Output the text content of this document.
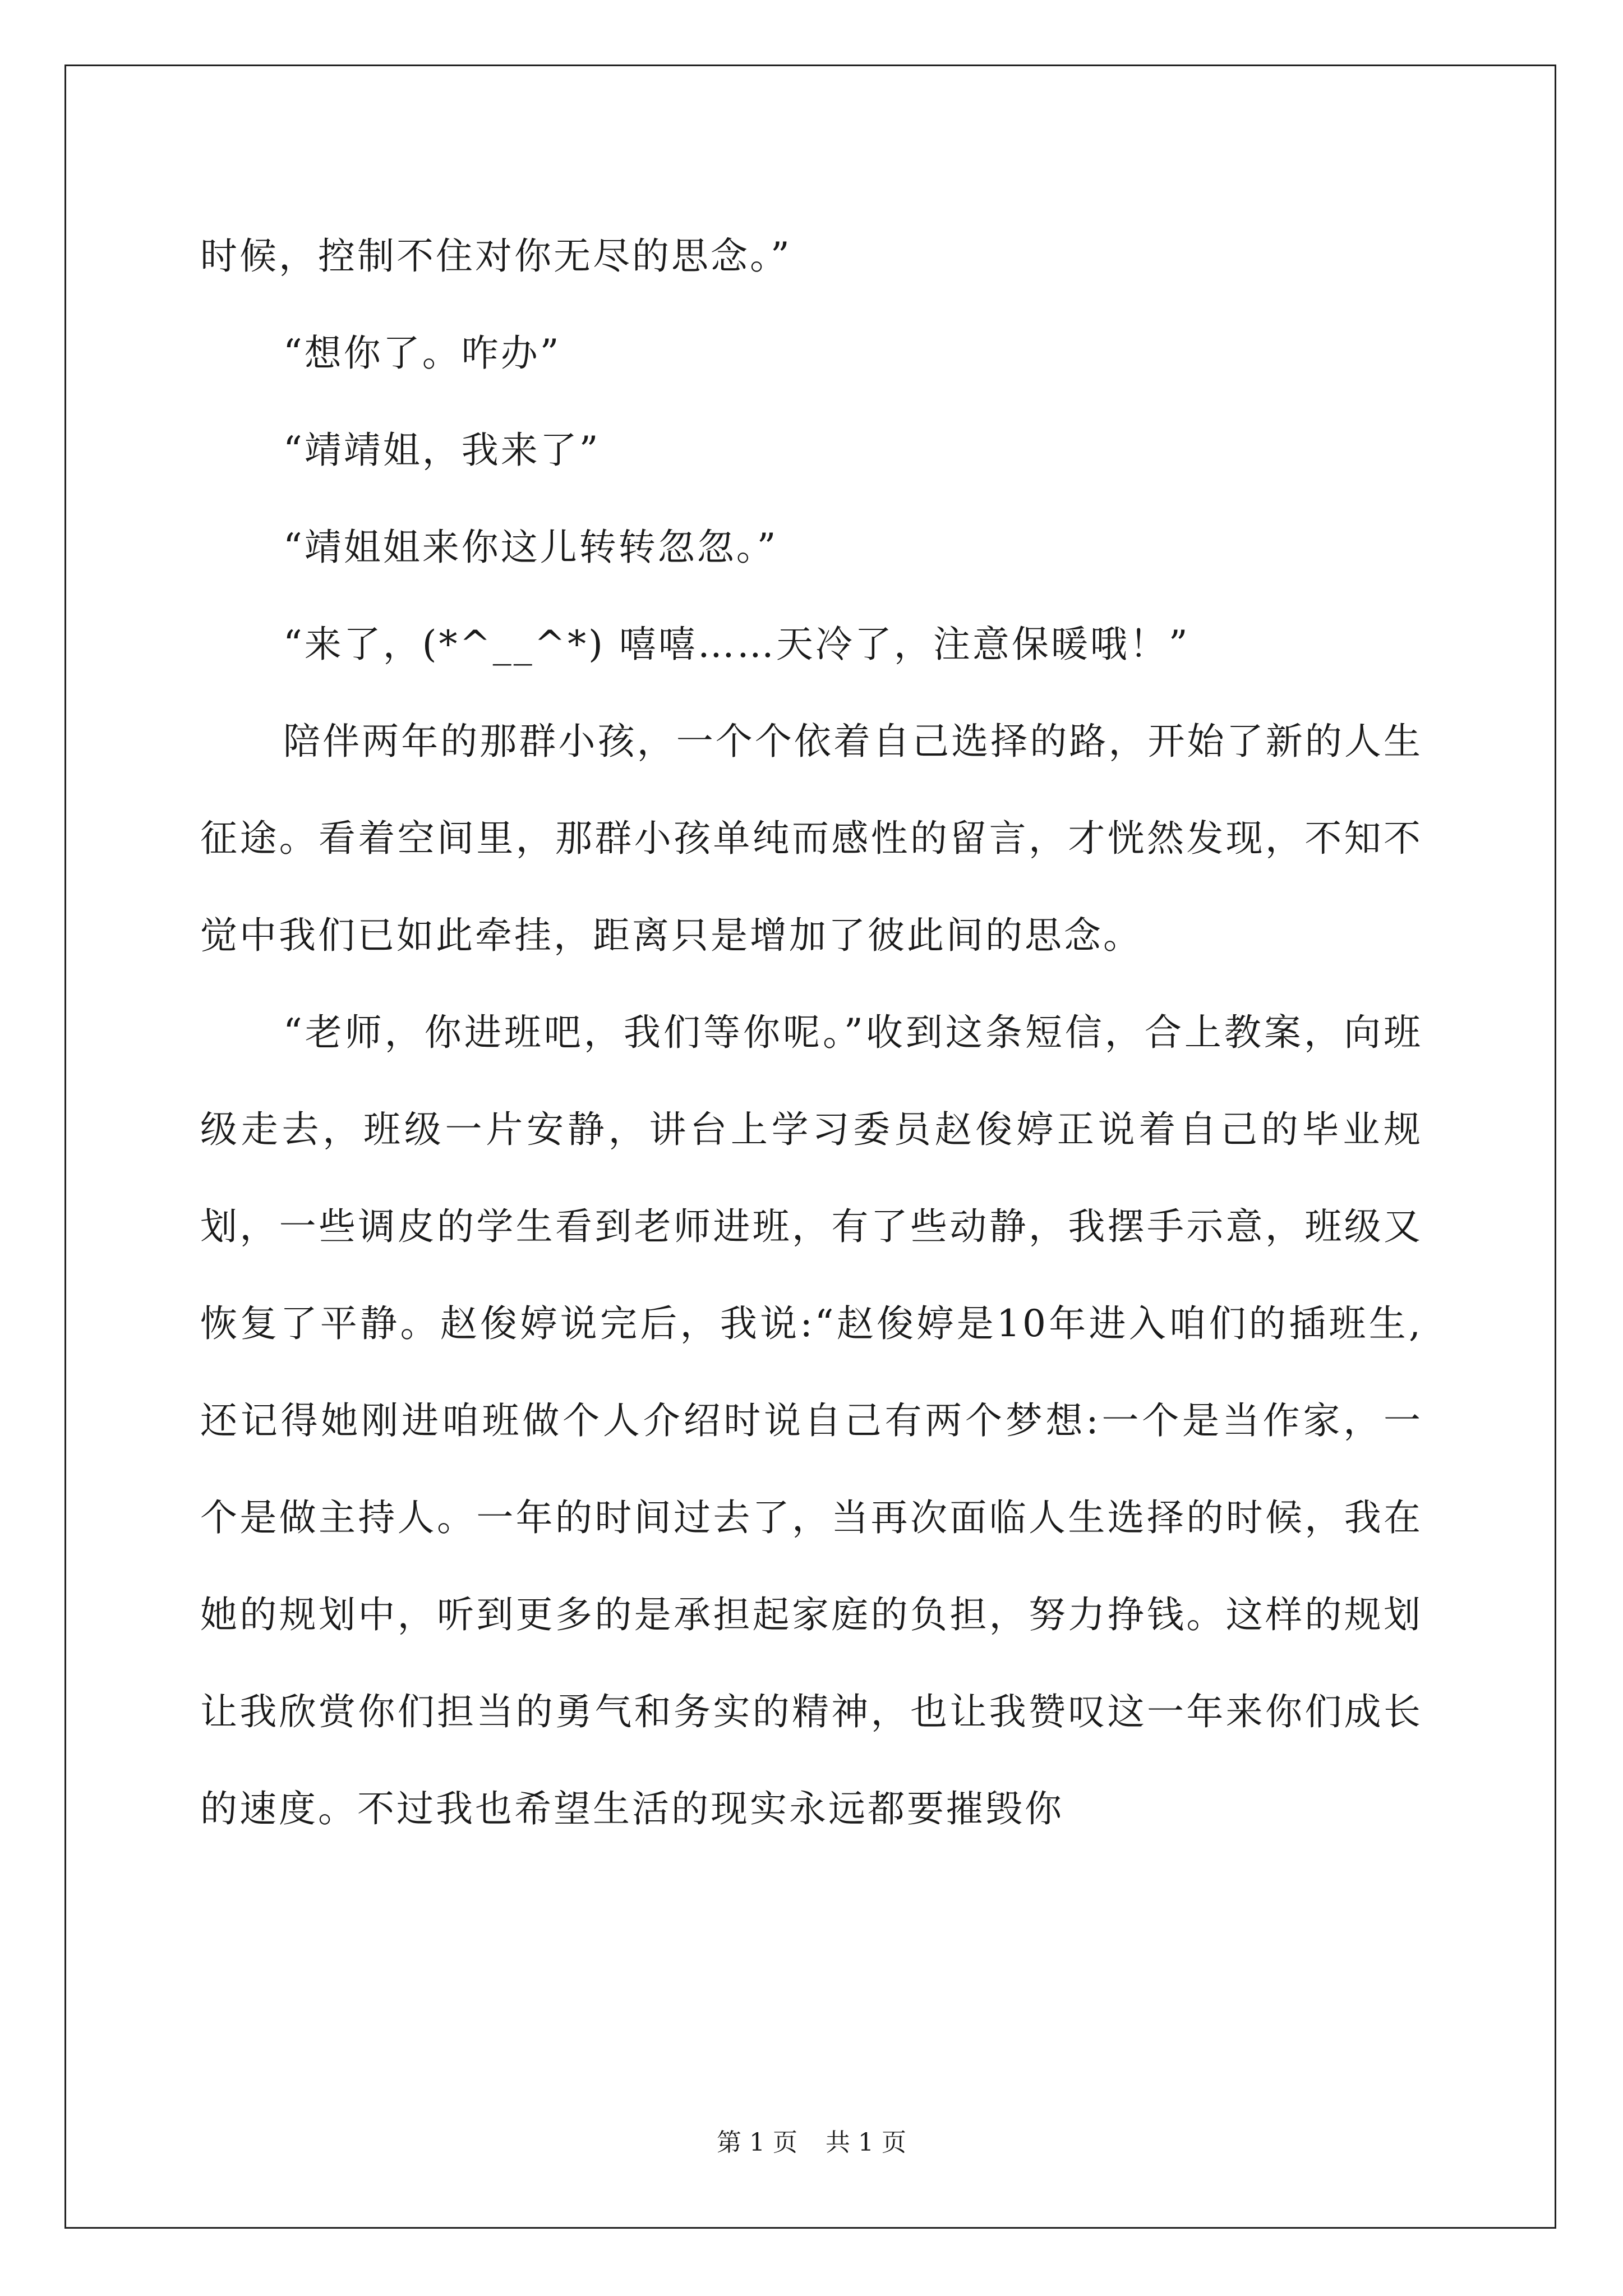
时候，控制不住对你无尽的思念。”

“想你了。咋办”

“靖靖姐，我来了”

“靖姐姐来你这儿转转忽忽。”

“来了，(*^__^*) 嘻嘻……天冷了，注意保暖哦！”

陪伴两年的那群小孩，一个个依着自己选择的路，开始了新的人生征途。看着空间里，那群小孩单纯而感性的留言，才恍然发现，不知不觉中我们已如此牵挂，距离只是增加了彼此间的思念。

“老师，你进班吧，我们等你呢。”收到这条短信，合上教案，向班级走去，班级一片安静，讲台上学习委员赵俊婷正说着自己的毕业规划，一些调皮的学生看到老师进班，有了些动静，我摆手示意，班级又恢复了平静。赵俊婷说完后，我说:“赵俊婷是10年进入咱们的插班生,还记得她刚进咱班做个人介绍时说自己有两个梦想:一个是当作家，一个是做主持人。一年的时间过去了，当再次面临人生选择的时候，我在她的规划中，听到更多的是承担起家庭的负担，努力挣钱。这样的规划让我欣赏你们担当的勇气和务实的精神，也让我赞叹这一年来你们成长的速度。不过我也希望生活的现实永远都要摧毁你

第 1 页 共 1 页
